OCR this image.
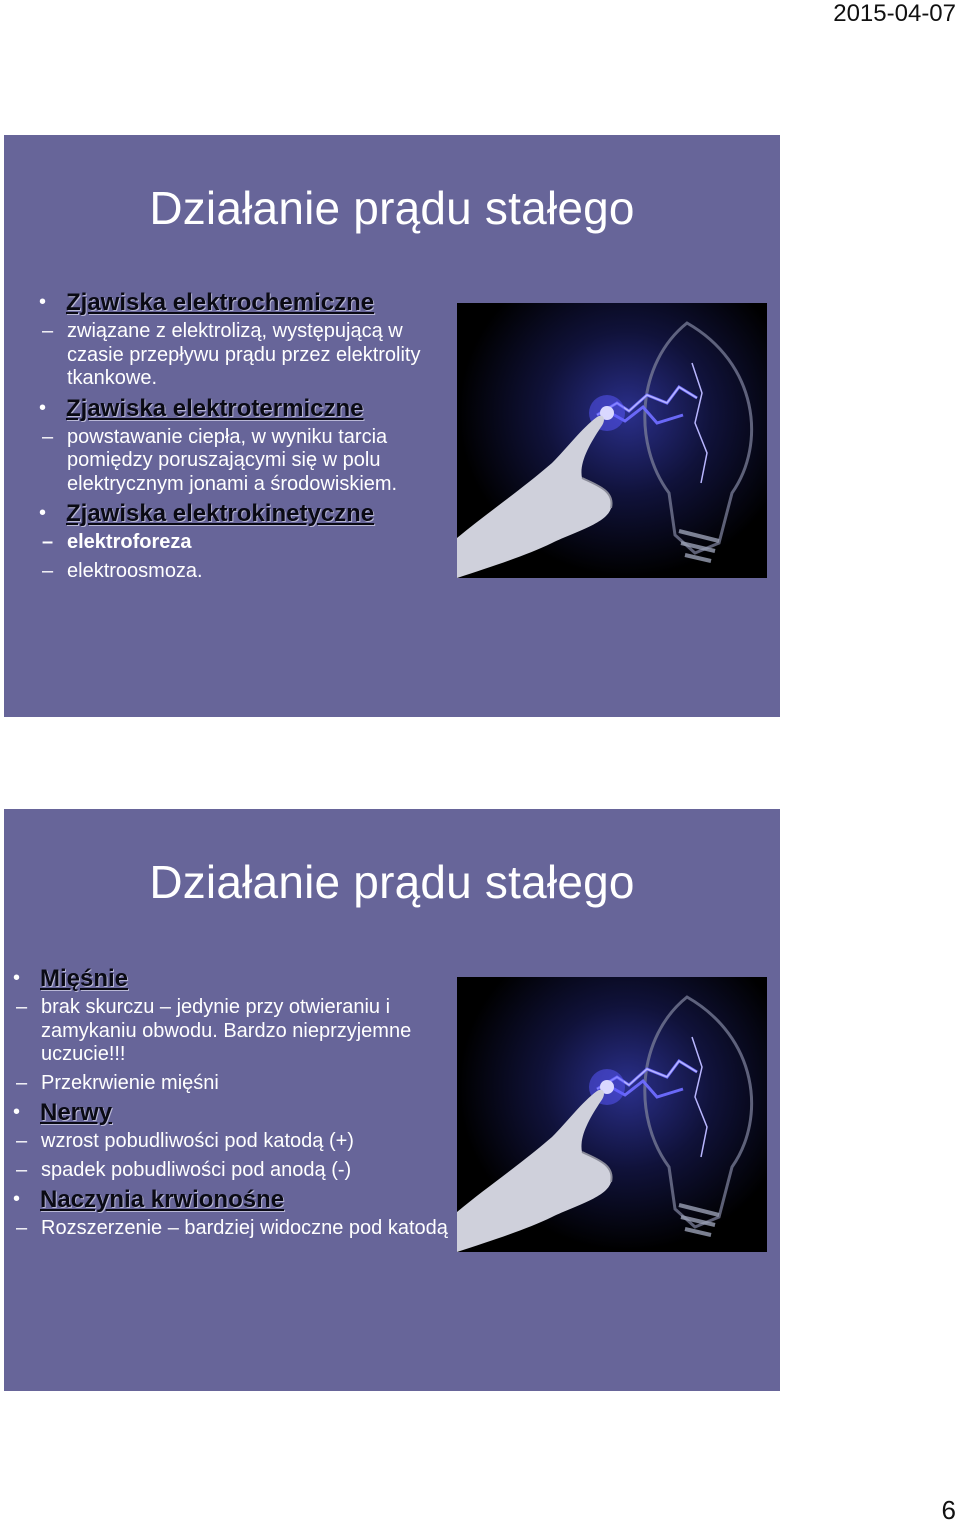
2015-04-07
Działanie prądu stałego
• Zjawiska elektrochemiczne
– związane z elektrolizą, występującą w czasie przepływu prądu przez elektrolity tkankowe.
• Zjawiska elektrotermiczne
– powstawanie ciepła, w wyniku tarcia pomiędzy poruszającymi się w polu elektrycznym jonami a środowiskiem.
• Zjawiska elektrokinetyczne
– elektroforeza
– elektroosmoza.
Działanie prądu stałego
• Mięśnie
– brak skurczu – jedynie przy otwieraniu i zamykaniu obwodu. Bardzo nieprzyjemne uczucie!!!
– Przekrwienie mięśni
• Nerwy
– wzrost pobudliwości pod katodą (+)
– spadek pobudliwości pod anodą (-)
• Naczynia krwionośne
– Rozszerzenie – bardziej widoczne pod katodą
6
